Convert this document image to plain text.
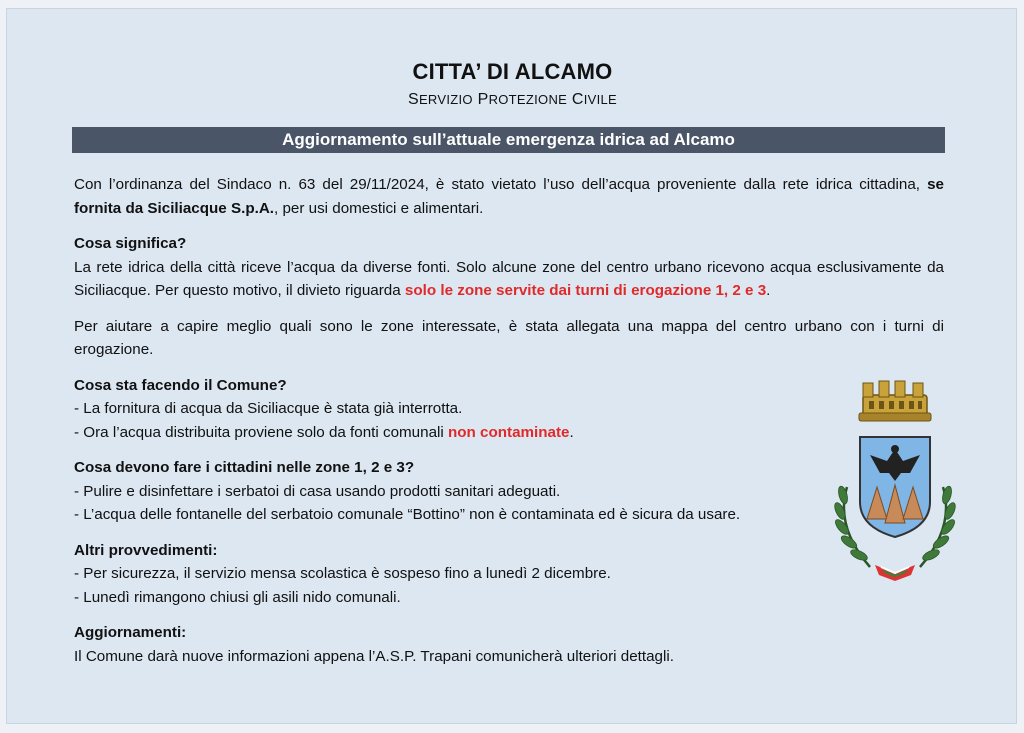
CITTA’ DI ALCAMO
SERVIZIO PROTEZIONE CIVILE
Aggiornamento sull’attuale emergenza idrica ad Alcamo

Con l’ordinanza del Sindaco n. 63 del 29/11/2024, è stato vietato l’uso dell’acqua proveniente dalla rete idrica cittadina, se fornita da Siciliacque S.p.A., per usi domestici e alimentari.

Cosa significa?

La rete idrica della città riceve l’acqua da diverse fonti. Solo alcune zone del centro urbano ricevono acqua esclusivamente da Siciliacque. Per questo motivo, il divieto riguarda solo le zone servite dai turni di erogazione 1, 2 e 3.

Per aiutare a capire meglio quali sono le zone interessate, è stata allegata una mappa del centro urbano con i turni di erogazione.

Cosa sta facendo il Comune?

- La fornitura di acqua da Siciliacque è stata già interrotta.

- Ora l’acqua distribuita proviene solo da fonti comunali non contaminate.

Cosa devono fare i cittadini nelle zone 1, 2 e 3?

- Pulire e disinfettare i serbatoi di casa usando prodotti sanitari adeguati.

- L’acqua delle fontanelle del serbatoio comunale “Bottino” non è contaminata ed è sicura da usare.

Altri provvedimenti:

- Per sicurezza, il servizio mensa scolastica è sospeso fino a lunedì 2 dicembre.

- Lunedì rimangono chiusi gli asili nido comunali.

Aggiornamenti:

Il Comune darà nuove informazioni appena l’A.S.P. Trapani comunicherà ulteriori dettagli.
